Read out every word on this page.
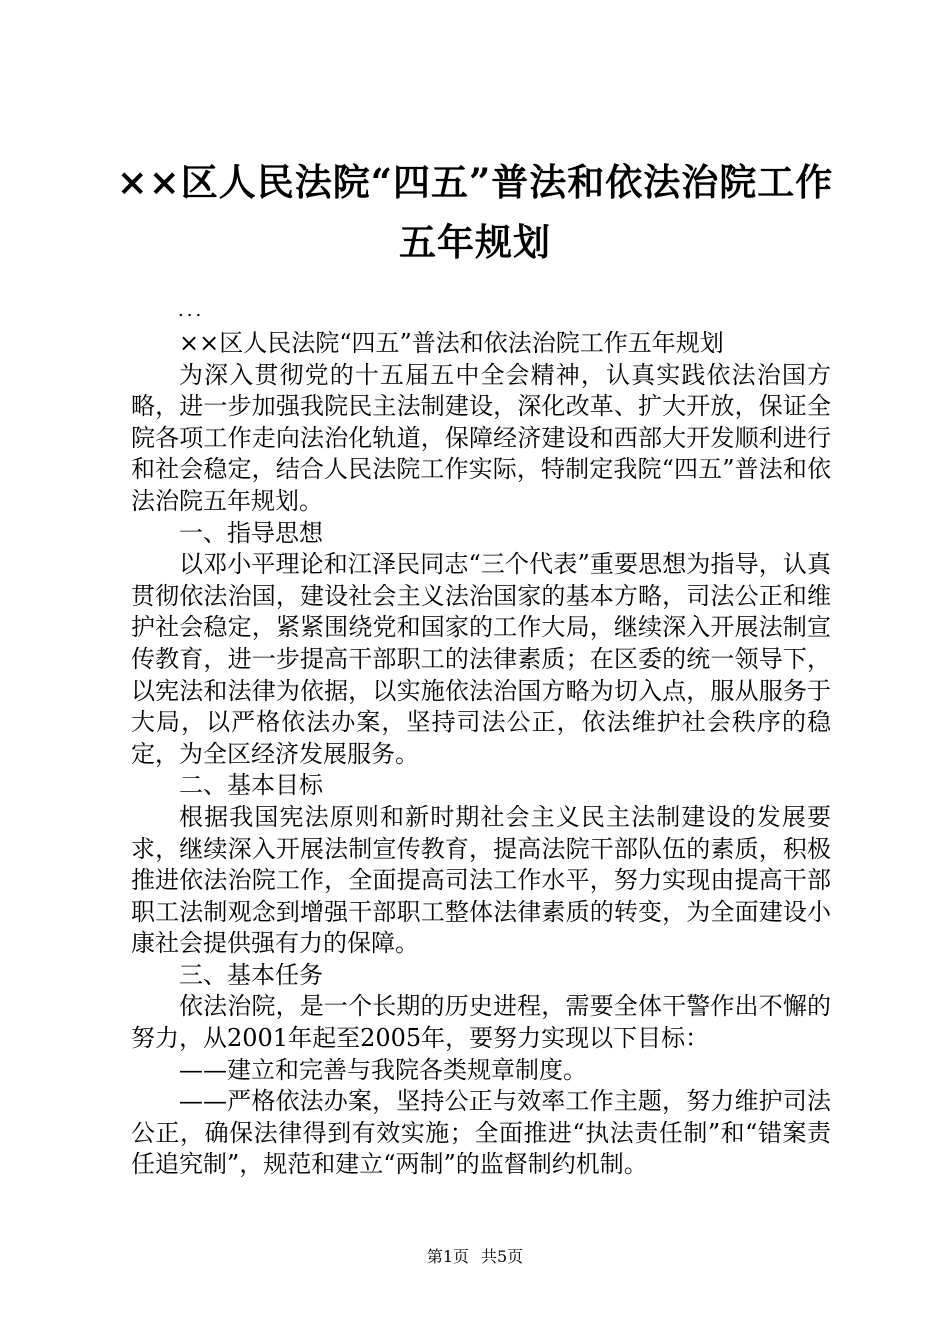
××区人民法院“四五”普法和依法治院工作
五年规划
...

××区人民法院“四五”普法和依法治院工作五年规划

为深入贯彻党的十五届五中全会精神，认真实践依法治国方略，进一步加强我院民主法制建设，深化改革、扩大开放，保证全院各项工作走向法治化轨道，保障经济建设和西部大开发顺利进行和社会稳定，结合人民法院工作实际，特制定我院“四五”普法和依法治院五年规划。

一、指导思想

以邓小平理论和江泽民同志“三个代表”重要思想为指导，认真贯彻依法治国，建设社会主义法治国家的基本方略，司法公正和维护社会稳定，紧紧围绕党和国家的工作大局，继续深入开展法制宣传教育，进一步提高干部职工的法律素质；在区委的统一领导下，以宪法和法律为依据，以实施依法治国方略为切入点，服从服务于大局，以严格依法办案，坚持司法公正，依法维护社会秩序的稳定，为全区经济发展服务。

二、基本目标

根据我国宪法原则和新时期社会主义民主法制建设的发展要求，继续深入开展法制宣传教育，提高法院干部队伍的素质，积极推进依法治院工作，全面提高司法工作水平，努力实现由提高干部职工法制观念到增强干部职工整体法律素质的转变，为全面建设小康社会提供强有力的保障。

三、基本任务

依法治院，是一个长期的历史进程，需要全体干警作出不懈的努力，从2001年起至2005年，要努力实现以下目标：

——建立和完善与我院各类规章制度。

——严格依法办案，坚持公正与效率工作主题，努力维护司法公正，确保法律得到有效实施；全面推进“执法责任制”和“错案责任追究制”，规范和建立“两制”的监督制约机制。

第1页 共5页
